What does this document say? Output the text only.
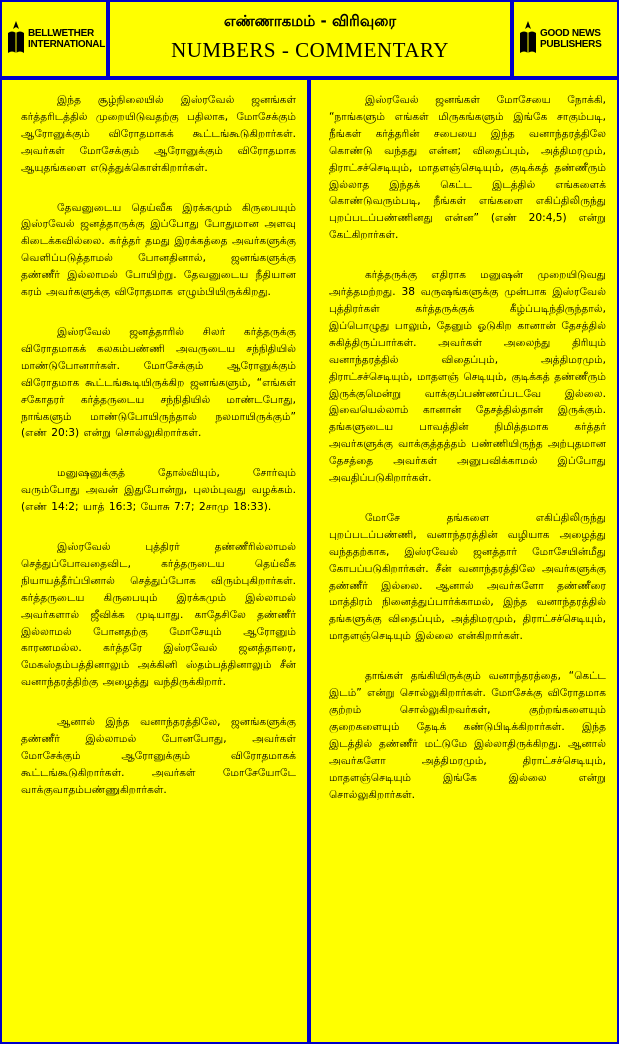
BELLWETHER
INTERNATIONAL
எண்ணாகமம் - விரிவுரை
NUMBERS - COMMENTARY
GOOD NEWS
PUBLISHERS

இந்த சூழ்நிலையில் இஸ்ரவேல் ஜனங்கள் கர்த்தரிடத்தில் முறையிடுவதற்கு பதிலாக, மோசேக்கும் ஆரோனுக்கும் விரோதமாகக் கூட்டங்கூடுகிறார்கள். அவர்கள் மோசேக்கும் ஆரோனுக்கும் விரோதமாக ஆயுதங்களை எடுத்துக்கொள்கிறார்கள்.

தேவனுடைய தெய்வீக இரக்கமும் கிருபையும் இஸ்ரவேல் ஜனத்தாருக்கு இப்போது போதுமான அளவு கிடைக்கவில்லை. கர்த்தர் தமது இரக்கத்தை அவர்களுக்கு வெளிப்படுத்தாமல் போனதினால், ஜனங்களுக்கு தண்ணீர் இல்லாமல் போயிற்று. தேவனுடைய நீதியான கரம் அவர்களுக்கு விரோதமாக எழும்பியிருக்கிறது.

இஸ்ரவேல் ஜனத்தாரில் சிலர் கர்த்தருக்கு விரோதமாகக் கலகம்பண்ணி அவருடைய சந்நிதியில் மாண்டுபோனார்கள். மோசேக்கும் ஆரோனுக்கும் விரோதமாக கூட்டங்கூடியிருக்கிற ஜனங்களும், “எங்கள் சகோதரர் கர்த்தருடைய சந்நிதியில் மாண்டபோது, நாங்களும் மாண்டுபோயிருந்தால் நலமாயிருக்கும்” (எண் 20:3) என்று சொல்லுகிறார்கள்.

மனுஷனுக்குத் தோல்வியும், சோர்வும் வரும்போது அவன் இதுபோன்று, புலம்புவது வழக்கம். (எண் 14:2; யாத் 16:3; யோசு 7:7; 2சாமு 18:33).

இஸ்ரவேல் புத்திரர் தண்ணீரில்லாமல் செத்துப்போவதைவிட, கர்த்தருடைய தெய்வீக நியாயத்தீர்ப்பினால் செத்துப்போக விரும்புகிறார்கள். கர்த்தருடைய கிருபையும் இரக்கமும் இல்லாமல் அவர்களால் ஜீவிக்க முடியாது. காதேசிலே தண்ணீர் இல்லாமல் போனதற்கு மோசேயும் ஆரோனும் காரணமல்ல. கர்த்தரே இஸ்ரவேல் ஜனத்தாரை, மேகஸ்தம்பத்தினாலும் அக்கினி ஸ்தம்பத்தினாலும் சீன் வனாந்தரத்திற்கு அழைத்து வந்திருக்கிறார்.

ஆனால் இந்த வனாந்தரத்திலே, ஜனங்களுக்கு தண்ணீர் இல்லாமல் போனபோது, அவர்கள் மோசேக்கும் ஆரோனுக்கும் விரோதமாகக் கூட்டங்கூடுகிறார்கள். அவர்கள் மோசேயோடே வாக்குவாதம்பண்ணுகிறார்கள்.

இஸ்ரவேல் ஜனங்கள் மோசேயை நோக்கி, “நாங்களும் எங்கள் மிருகங்களும் இங்கே சாகும்படி, நீங்கள் கர்த்தரின் சபையை இந்த வனாந்தரத்திலே கொண்டு வந்தது என்ன; விதைப்பும், அத்திமரமும், திராட்சச்செடியும், மாதளஞ்செடியும், குடிக்கத் தண்ணீரும் இல்லாத இந்தக் கெட்ட இடத்தில் எங்களைக் கொண்டுவரும்படி, நீங்கள் எங்களை எகிப்திலிருந்து புறப்படப்பண்ணினது என்ன” (எண் 20:4,5) என்று கேட்கிறார்கள்.

கர்த்தருக்கு எதிராக மனுஷன் முறையிடுவது அர்த்தமற்றது. 38 வருஷங்களுக்கு முன்பாக இஸ்ரவேல் புத்திரர்கள் கர்த்தருக்குக் கீழ்ப்படிந்திருந்தால், இப்பொழுது பாலும், தேனும் ஓடுகிற கானான் தேசத்தில் சுகித்திருப்பார்கள். அவர்கள் அலைந்து திரியும் வனாந்தரத்தில் விதைப்பும், அத்திமரமும், திராட்சச்செடியும், மாதளஞ் செடியும், குடிக்கத் தண்ணீரும் இருக்குமென்று வாக்குப்பண்ணப்படவே இல்லை. இவையெல்லாம் கானான் தேசத்தில்தான் இருக்கும். தங்களுடைய பாவத்தின் நிமித்தமாக கர்த்தர் அவர்களுக்கு வாக்குத்தத்தம் பண்ணியிருந்த அற்புதமான தேசத்தை அவர்கள் அனுபவிக்காமல் இப்போது அவதிப்படுகிறார்கள்.

மோசே தங்களை எகிப்திலிருந்து புறப்படப்பண்ணி, வனாந்தரத்தின் வழியாக அழைத்து வந்ததற்காக, இஸ்ரவேல் ஜனத்தார் மோசேயின்மீது கோபப்படுகிறார்கள். சீன் வனாந்தரத்திலே அவர்களுக்கு தண்ணீர் இல்லை. ஆனால் அவர்களோ தண்ணீரை மாத்திரம் நினைத்துப்பார்க்காமல், இந்த வனாந்தரத்தில் தங்களுக்கு விதைப்பும், அத்திமரமும், திராட்சச்செடியும், மாதளஞ்செடியும் இல்லை என்கிறார்கள்.

தாங்கள் தங்கியிருக்கும் வனாந்தரத்தை, “கெட்ட இடம்” என்று சொல்லுகிறார்கள். மோசேக்கு விரோதமாக குற்றம் சொல்லுகிறவர்கள், குற்றங்களையும் குறைகளையும் தேடிக் கண்டுபிடிக்கிறார்கள். இந்த இடத்தில் தண்ணீர் மட்டுமே இல்லாதிருக்கிறது. ஆனால் அவர்களோ அத்திமரமும், திராட்சச்செடியும், மாதளஞ்செடியும் இங்கே இல்லை என்று சொல்லுகிறார்கள்.
